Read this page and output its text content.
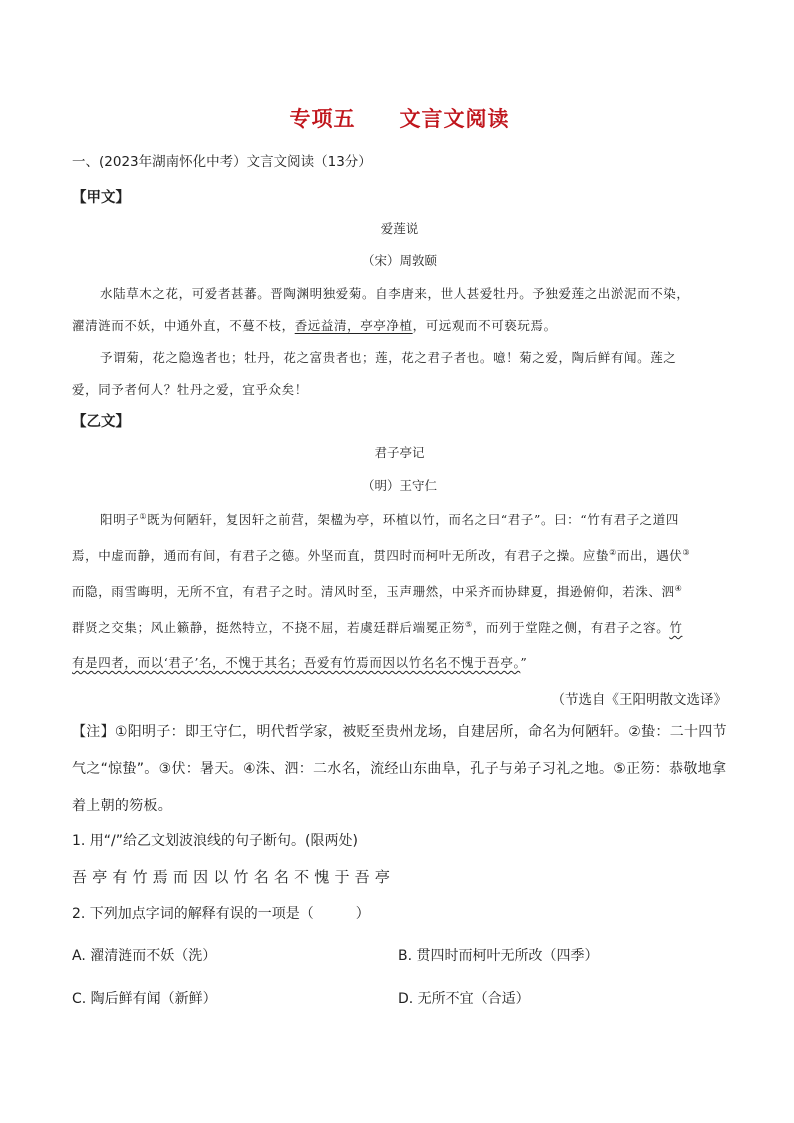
专项五　　文言文阅读
一、(2023年湖南怀化中考）文言文阅读（13分）
【甲文】
爱莲说
（宋）周敦颐
水陆草木之花，可爱者甚蕃。晋陶渊明独爱菊。自李唐来，世人甚爱牡丹。予独爱莲之出淤泥而不染，
濯清涟而不妖，中通外直，不蔓不枝，香远益清，亭亭净植，可远观而不可亵玩焉。
予谓菊，花之隐逸者也；牡丹，花之富贵者也；莲，花之君子者也。噫！菊之爱，陶后鲜有闻。莲之
爱，同予者何人？牡丹之爱，宜乎众矣！
【乙文】
君子亭记
（明）王守仁
阳明子①既为何陋轩，复因轩之前营，架楹为亭，环植以竹，而名之曰“君子”。曰：“竹有君子之道四
焉，中虚而静，通而有间，有君子之德。外坚而直，贯四时而柯叶无所改，有君子之操。应蛰②而出，遇伏③
而隐，雨雪晦明，无所不宜，有君子之时。清风时至，玉声珊然，中采齐而协肆夏，揖逊俯仰，若洙、泗④
群贤之交集；风止籁静，挺然特立，不挠不屈，若虞廷群后端冕正笏⑤，而列于堂陛之侧，有君子之容。竹
有是四者，而以‘君子’名，不愧于其名；吾爱有竹焉而因以竹名名不愧于吾亭。”
（节选自《王阳明散文选译》
【注】①阳明子：即王守仁，明代哲学家，被贬至贵州龙场，自建居所，命名为何陋轩。②蛰：二十四节
气之“惊蛰”。③伏：暑天。④洙、泗：二水名，流经山东曲阜，孔子与弟子习礼之地。⑤正笏：恭敬地拿
着上朝的笏板。
1. 用“/”给乙文划波浪线的句子断句。(限两处)
吾 亭 有 竹 焉 而 因 以 竹 名 名 不 愧 于 吾 亭
2. 下列加点字词的解释有误的一项是（　　　）
A. 濯清涟而不妖（洗）	B. 贯四时而柯叶无所改（四季）
C. 陶后鲜有闻（新鲜）	D. 无所不宜（合适）
